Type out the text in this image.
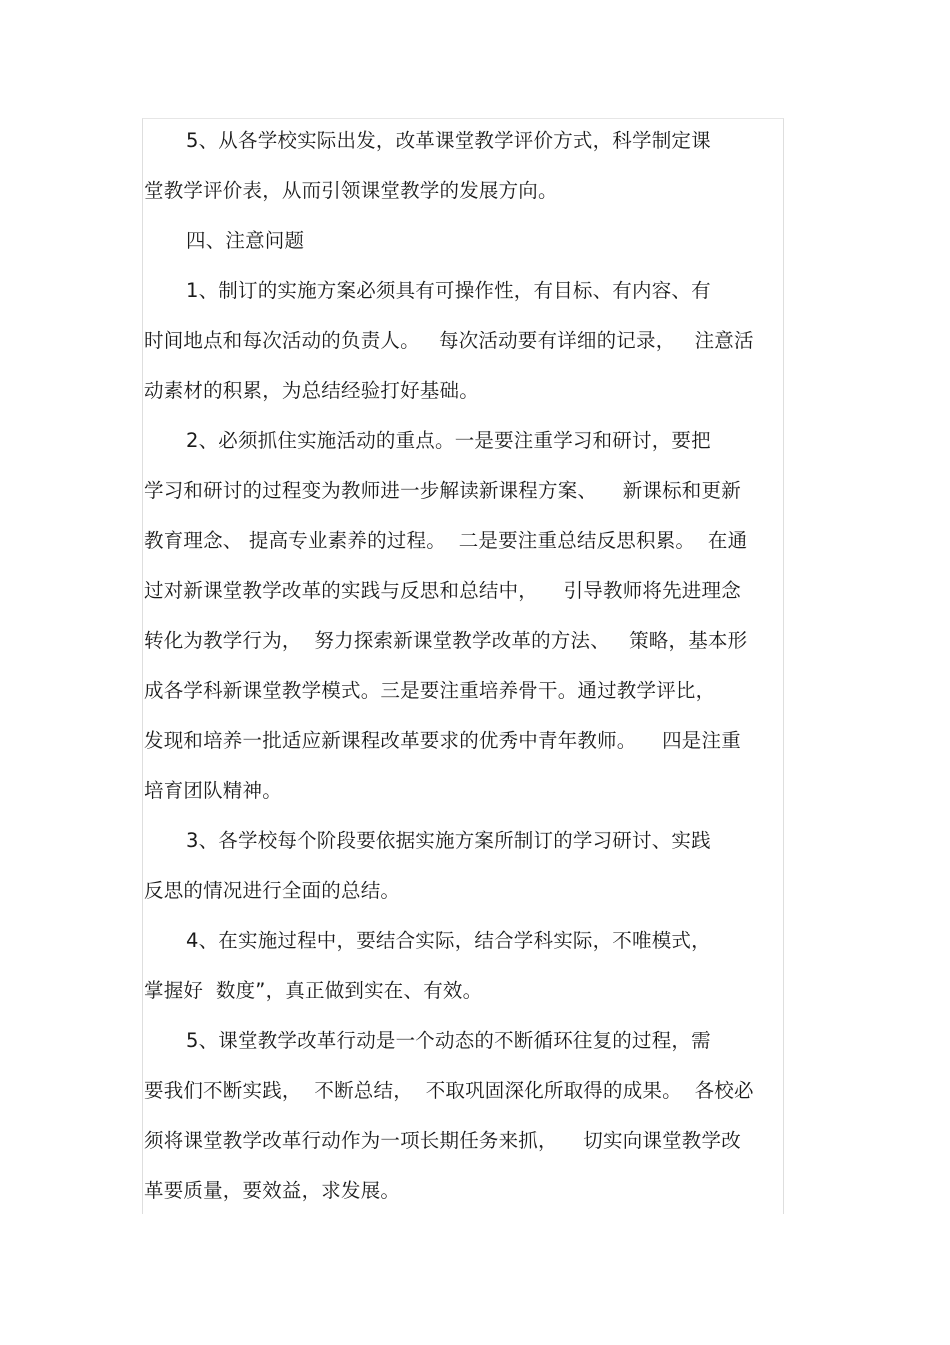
5、从各学校实际出发，改革课堂教学评价方式，科学制定课
堂教学评价表，从而引领课堂教学的发展方向。
四、注意问题
1、制订的实施方案必须具有可操作性，有目标、有内容、有
时间地点和每次活动的负责人。   每次活动要有详细的记录，   注意活
动素材的积累，为总结经验打好基础。
2、必须抓住实施活动的重点。一是要注重学习和研讨，要把
学习和研讨的过程变为教师进一步解读新课程方案、    新课标和更新
教育理念、 提高专业素养的过程。  二是要注重总结反思积累。  在通
过对新课堂教学改革的实践与反思和总结中，    引导教师将先进理念
转化为教学行为，  努力探索新课堂教学改革的方法、   策略，基本形
成各学科新课堂教学模式。三是要注重培养骨干。通过教学评比，
发现和培养一批适应新课程改革要求的优秀中青年教师。    四是注重
培育团队精神。
3、各学校每个阶段要依据实施方案所制订的学习研讨、实践
反思的情况进行全面的总结。
4、在实施过程中，要结合实际，结合学科实际，不唯模式，
掌握好  数度”，真正做到实在、有效。
5、课堂教学改革行动是一个动态的不断循环往复的过程，需
要我们不断实践，  不断总结，  不取巩固深化所取得的成果。  各校必
须将课堂教学改革行动作为一项长期任务来抓，    切实向课堂教学改
革要质量，要效益，求发展。
